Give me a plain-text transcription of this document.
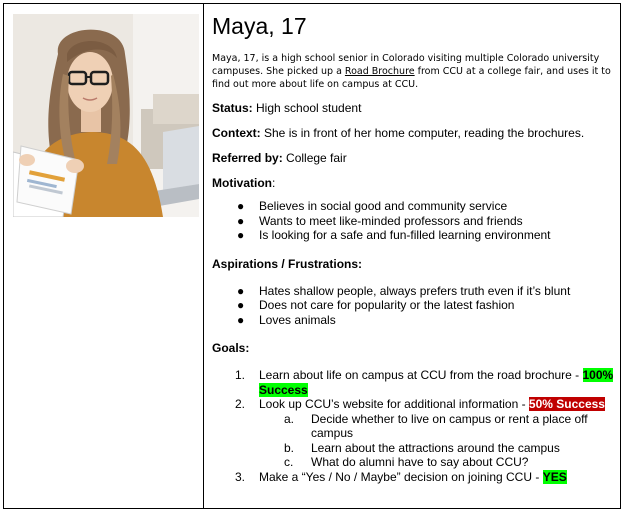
Maya, 17

Maya, 17, is a high school senior in Colorado visiting multiple Colorado university campuses. She picked up a Road Brochure from CCU at a college fair, and uses it to find out more about life on campus at CCU.

Status: High school student
Context: She is in front of her home computer, reading the brochures.
Referred by: College fair
Motivation:
● Believes in social good and community service
● Wants to meet like-minded professors and friends
● Is looking for a safe and fun-filled learning environment
Aspirations / Frustrations:
● Hates shallow people, always prefers truth even if it’s blunt
● Does not care for popularity or the latest fashion
● Loves animals
Goals:
1. Learn about life on campus at CCU from the road brochure - 100% Success
2. Look up CCU’s website for additional information - 50% Success
a. Decide whether to live on campus or rent a place off campus
b. Learn about the attractions around the campus
c. What do alumni have to say about CCU?
3. Make a “Yes / No / Maybe” decision on joining CCU - YES
